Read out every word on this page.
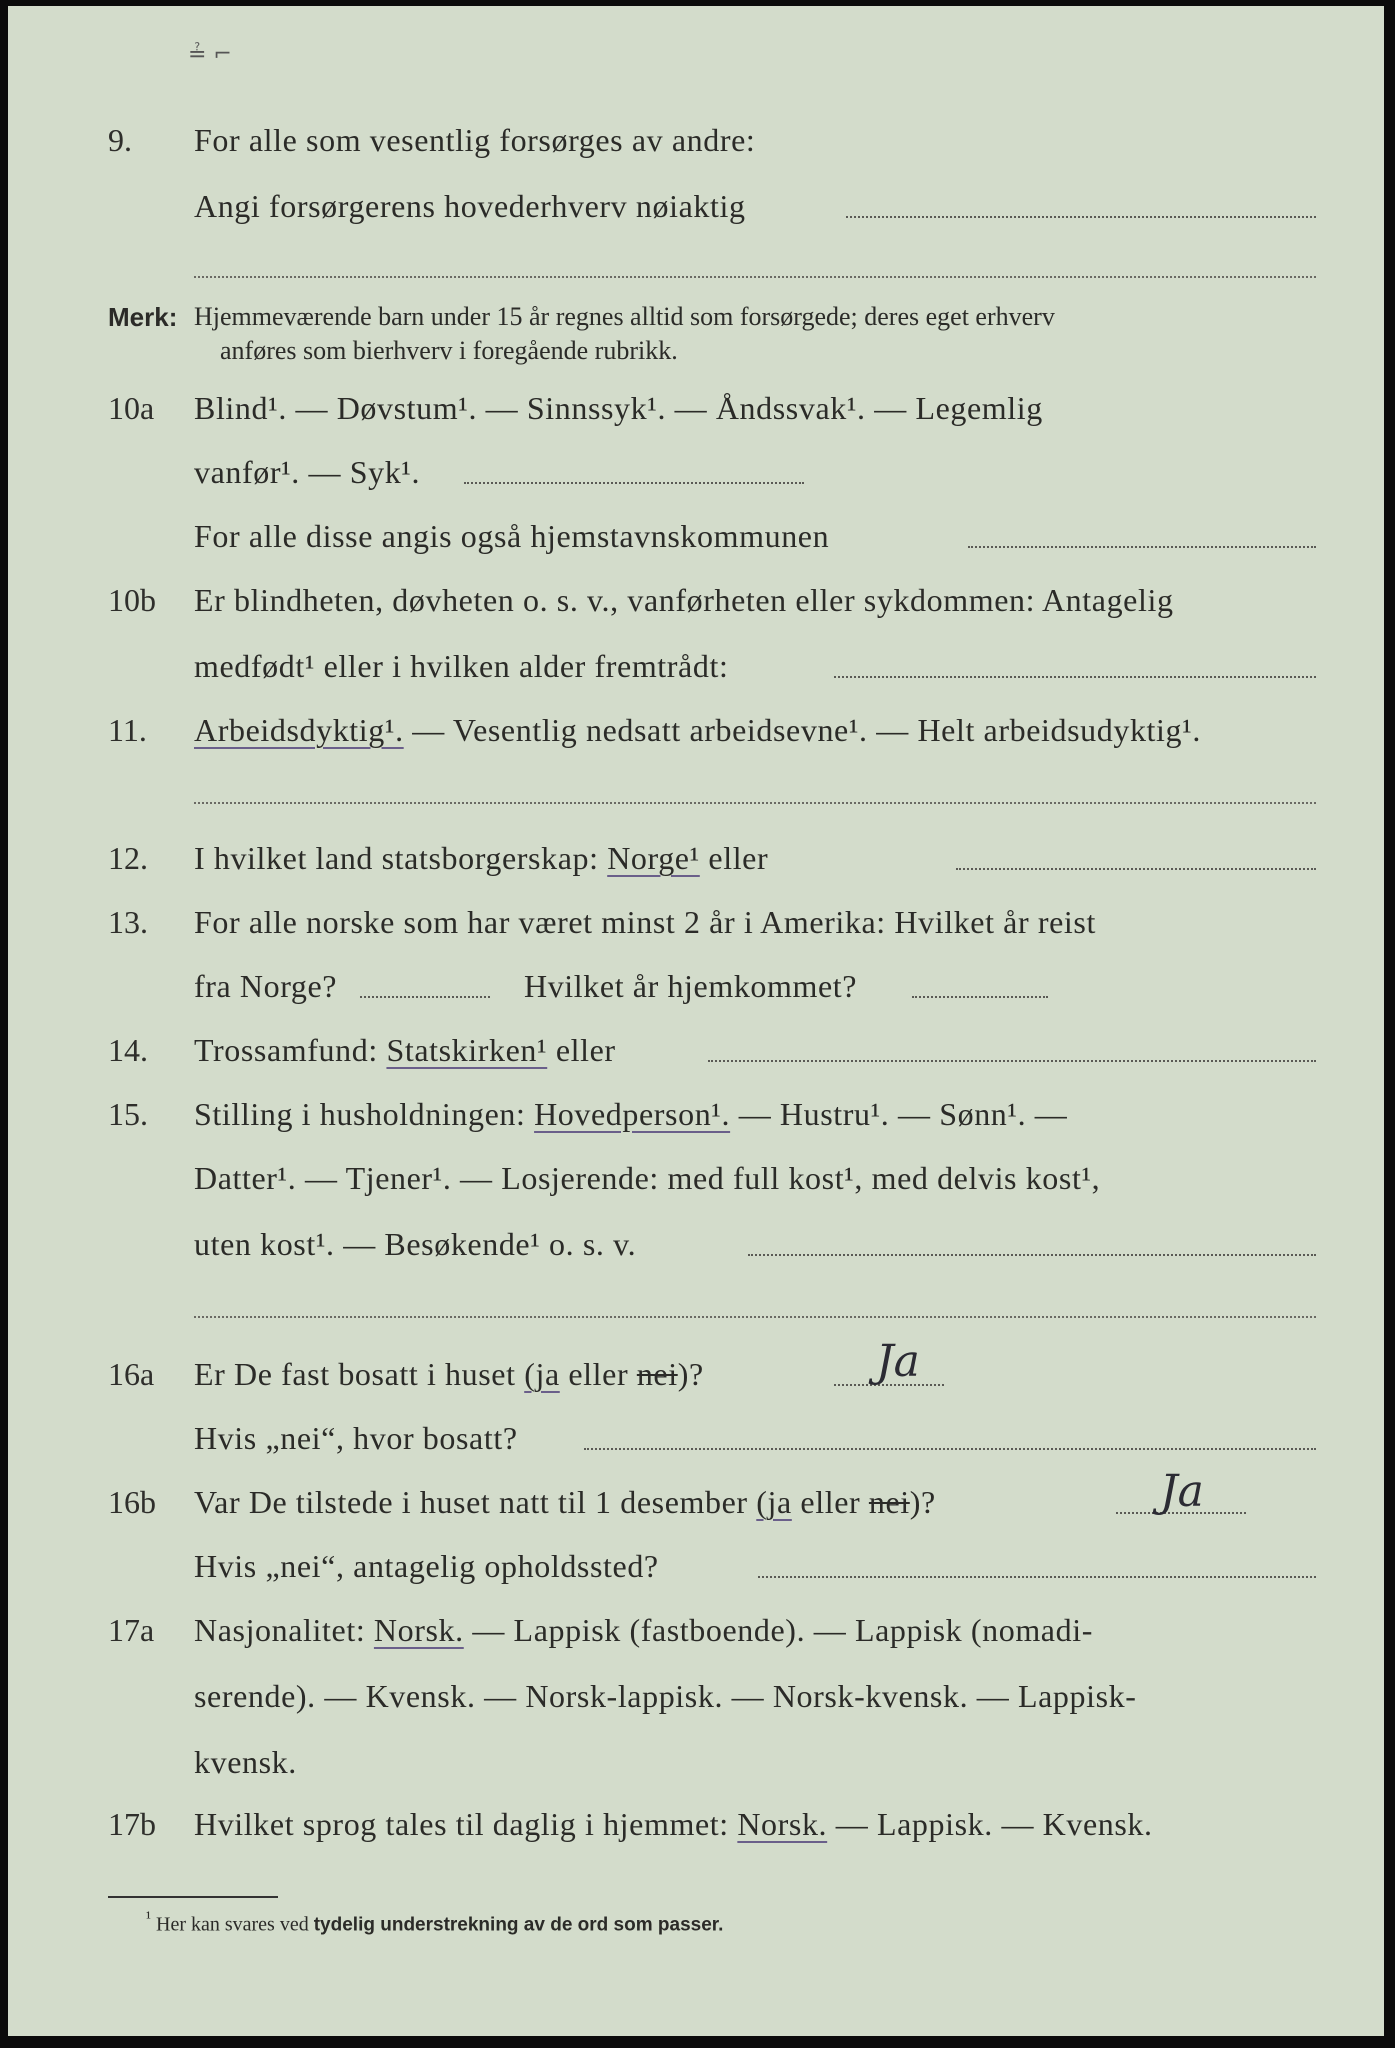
≟ ⌐
9. For alle som vesentlig forsørges av andre:
Angi forsørgerens hovederhverv nøiaktig
Merk: Hjemmeværende barn under 15 år regnes alltid som forsørgede; deres eget erhverv
anføres som bierhverv i foregående rubrikk.
10a Blind¹. — Døvstum¹. — Sinnssyk¹. — Åndssvak¹. — Legemlig
vanfør¹. — Syk¹.
For alle disse angis også hjemstavnskommunen
10b Er blindheten, døvheten o. s. v., vanførheten eller sykdommen: Antagelig
medfødt¹ eller i hvilken alder fremtrådt:
11. Arbeidsdyktig¹. — Vesentlig nedsatt arbeidsevne¹. — Helt arbeidsudyktig¹.
12. I hvilket land statsborgerskap: Norge¹ eller
13. For alle norske som har været minst 2 år i Amerika: Hvilket år reist
fra Norge?	Hvilket år hjemkommet?
14. Trossamfund: Statskirken¹ eller
15. Stilling i husholdningen: Hovedperson¹. — Hustru¹. — Sønn¹. —
Datter¹. — Tjener¹. — Losjerende: med full kost¹, med delvis kost¹,
uten kost¹. — Besøkende¹ o. s. v.
16a Er De fast bosatt i huset (ja eller nei)?	Ja
Hvis „nei“, hvor bosatt?
16b Var De tilstede i huset natt til 1 desember (ja eller nei)?	Ja
Hvis „nei“, antagelig opholdssted?
17a Nasjonalitet: Norsk. — Lappisk (fastboende). — Lappisk (nomadi-
serende). — Kvensk. — Norsk-lappisk. — Norsk-kvensk. — Lappisk-
kvensk.
17b Hvilket sprog tales til daglig i hjemmet: Norsk. — Lappisk. — Kvensk.
$^{^1}$ Her kan svares ved tydelig understrekning av de ord som passer.
